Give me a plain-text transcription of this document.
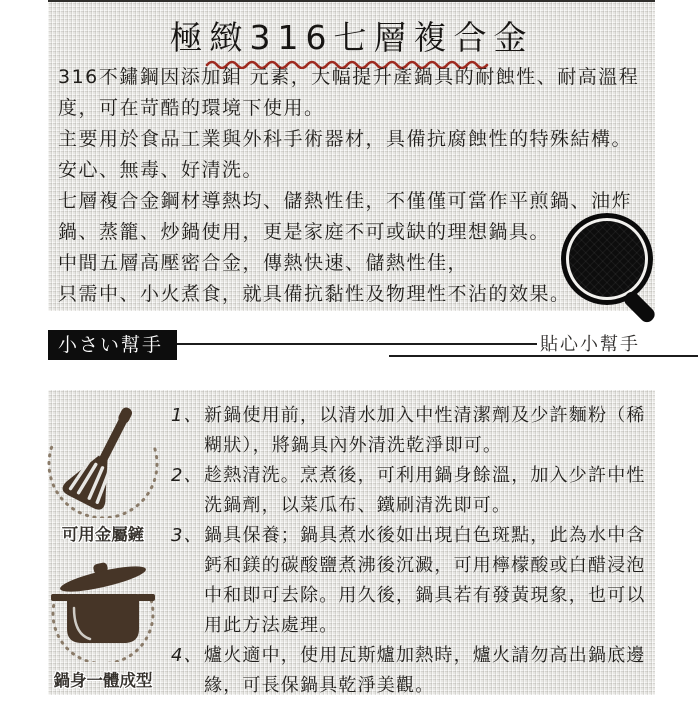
極緻316七層複合金

316不鏽鋼因添加鉬 元素，大幅提升產鍋具的耐蝕性、耐高溫程度，可在苛酷的環境下使用。

主要用於食品工業與外科手術器材，具備抗腐蝕性的特殊結構。

安心、無毒、好清洗。

七層複合金鋼材導熱均、儲熱性佳，不僅僅可當作平煎鍋、油炸鍋、蒸籠、炒鍋使用，更是家庭不可或缺的理想鍋具。

中間五層高壓密合金，傳熱快速、儲熱性佳，

只需中、小火煮食，就具備抗黏性及物理性不沾的效果。

小さい幫手	貼心小幫手
可用金屬鏟
鍋身一體成型
1、 新鍋使用前，以清水加入中性清潔劑及少許麵粉（稀糊狀），將鍋具內外清洗乾淨即可。
2、 趁熱清洗。烹煮後，可利用鍋身餘溫，加入少許中性洗鍋劑，以菜瓜布、鐵刷清洗即可。
3、 鍋具保養；鍋具煮水後如出現白色斑點，此為水中含鈣和鎂的碳酸鹽煮沸後沉澱，可用檸檬酸或白醋浸泡中和即可去除。用久後，鍋具若有發黃現象，也可以用此方法處理。
4、 爐火適中，使用瓦斯爐加熱時，爐火請勿高出鍋底邊緣，可長保鍋具乾淨美觀。
